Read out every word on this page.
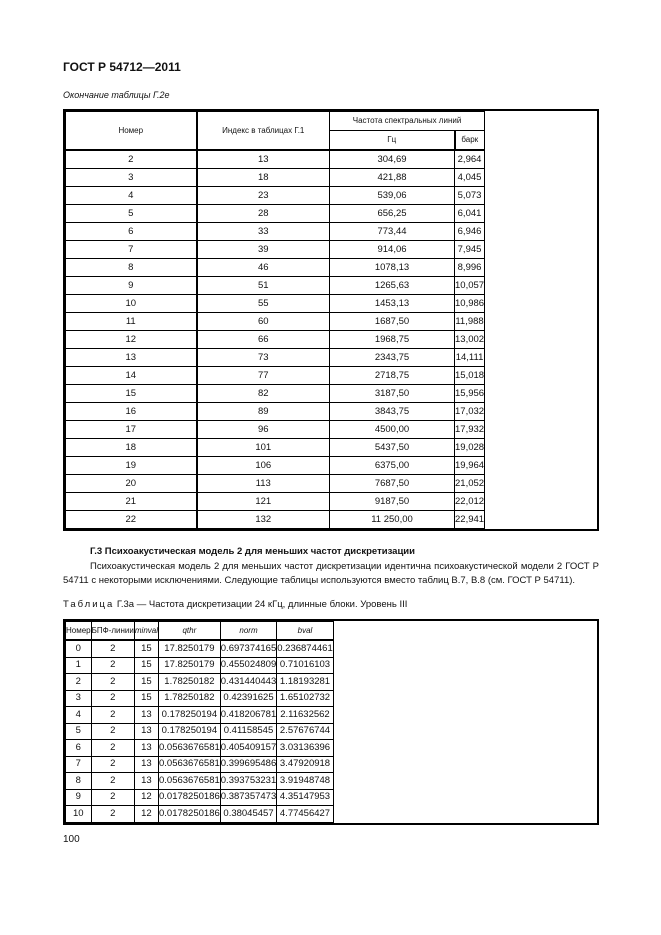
ГОСТ Р 54712—2011
Окончание таблицы Г.2е
Номер	Индекс в таблицах Г.1	Частота спектральных линий	
		Гц	барк
2	13	304,69	2,964
3	18	421,88	4,045
4	23	539,06	5,073
5	28	656,25	6,041
6	33	773,44	6,946
7	39	914,06	7,945
8	46	1078,13	8,996
9	51	1265,63	10,057
10	55	1453,13	10,986
11	60	1687,50	11,988
12	66	1968,75	13,002
13	73	2343,75	14,111
14	77	2718,75	15,018
15	82	3187,50	15,956
16	89	3843,75	17,032
17	96	4500,00	17,932
18	101	5437,50	19,028
19	106	6375,00	19,964
20	113	7687,50	21,052
21	121	9187,50	22,012
22	132	11 250,00	22,941
Г.3 Психоакустическая модель 2 для меньших частот дискретизации
Психоакустическая модель 2 для меньших частот дискретизации идентична психоакустической модели 2 ГОСТ Р 54711 с некоторыми исключениями. Следующие таблицы используются вместо таблиц В.7, В.8 (см. ГОСТ Р 54711).
Таблица Г.3а — Частота дискретизации 24 кГц, длинные блоки. Уровень III
Номер	БПФ-линии	minval	qthr	norm	bval
0	2	15	17.8250179	0.697374165	0.236874461
1	2	15	17.8250179	0.455024809	0.71016103
2	2	15	1.78250182	0.431440443	1.18193281
3	2	15	1.78250182	0.42391625	1.65102732
4	2	13	0.178250194	0.418206781	2.11632562
5	2	13	0.178250194	0.41158545	2.57676744
6	2	13	0.0563676581	0.405409157	3.03136396
7	2	13	0.0563676581	0.399695486	3.47920918
8	2	13	0.0563676581	0.393753231	3.91948748
9	2	12	0.0178250186	0.387357473	4.35147953
10	2	12	0.0178250186	0.38045457	4.77456427
100
